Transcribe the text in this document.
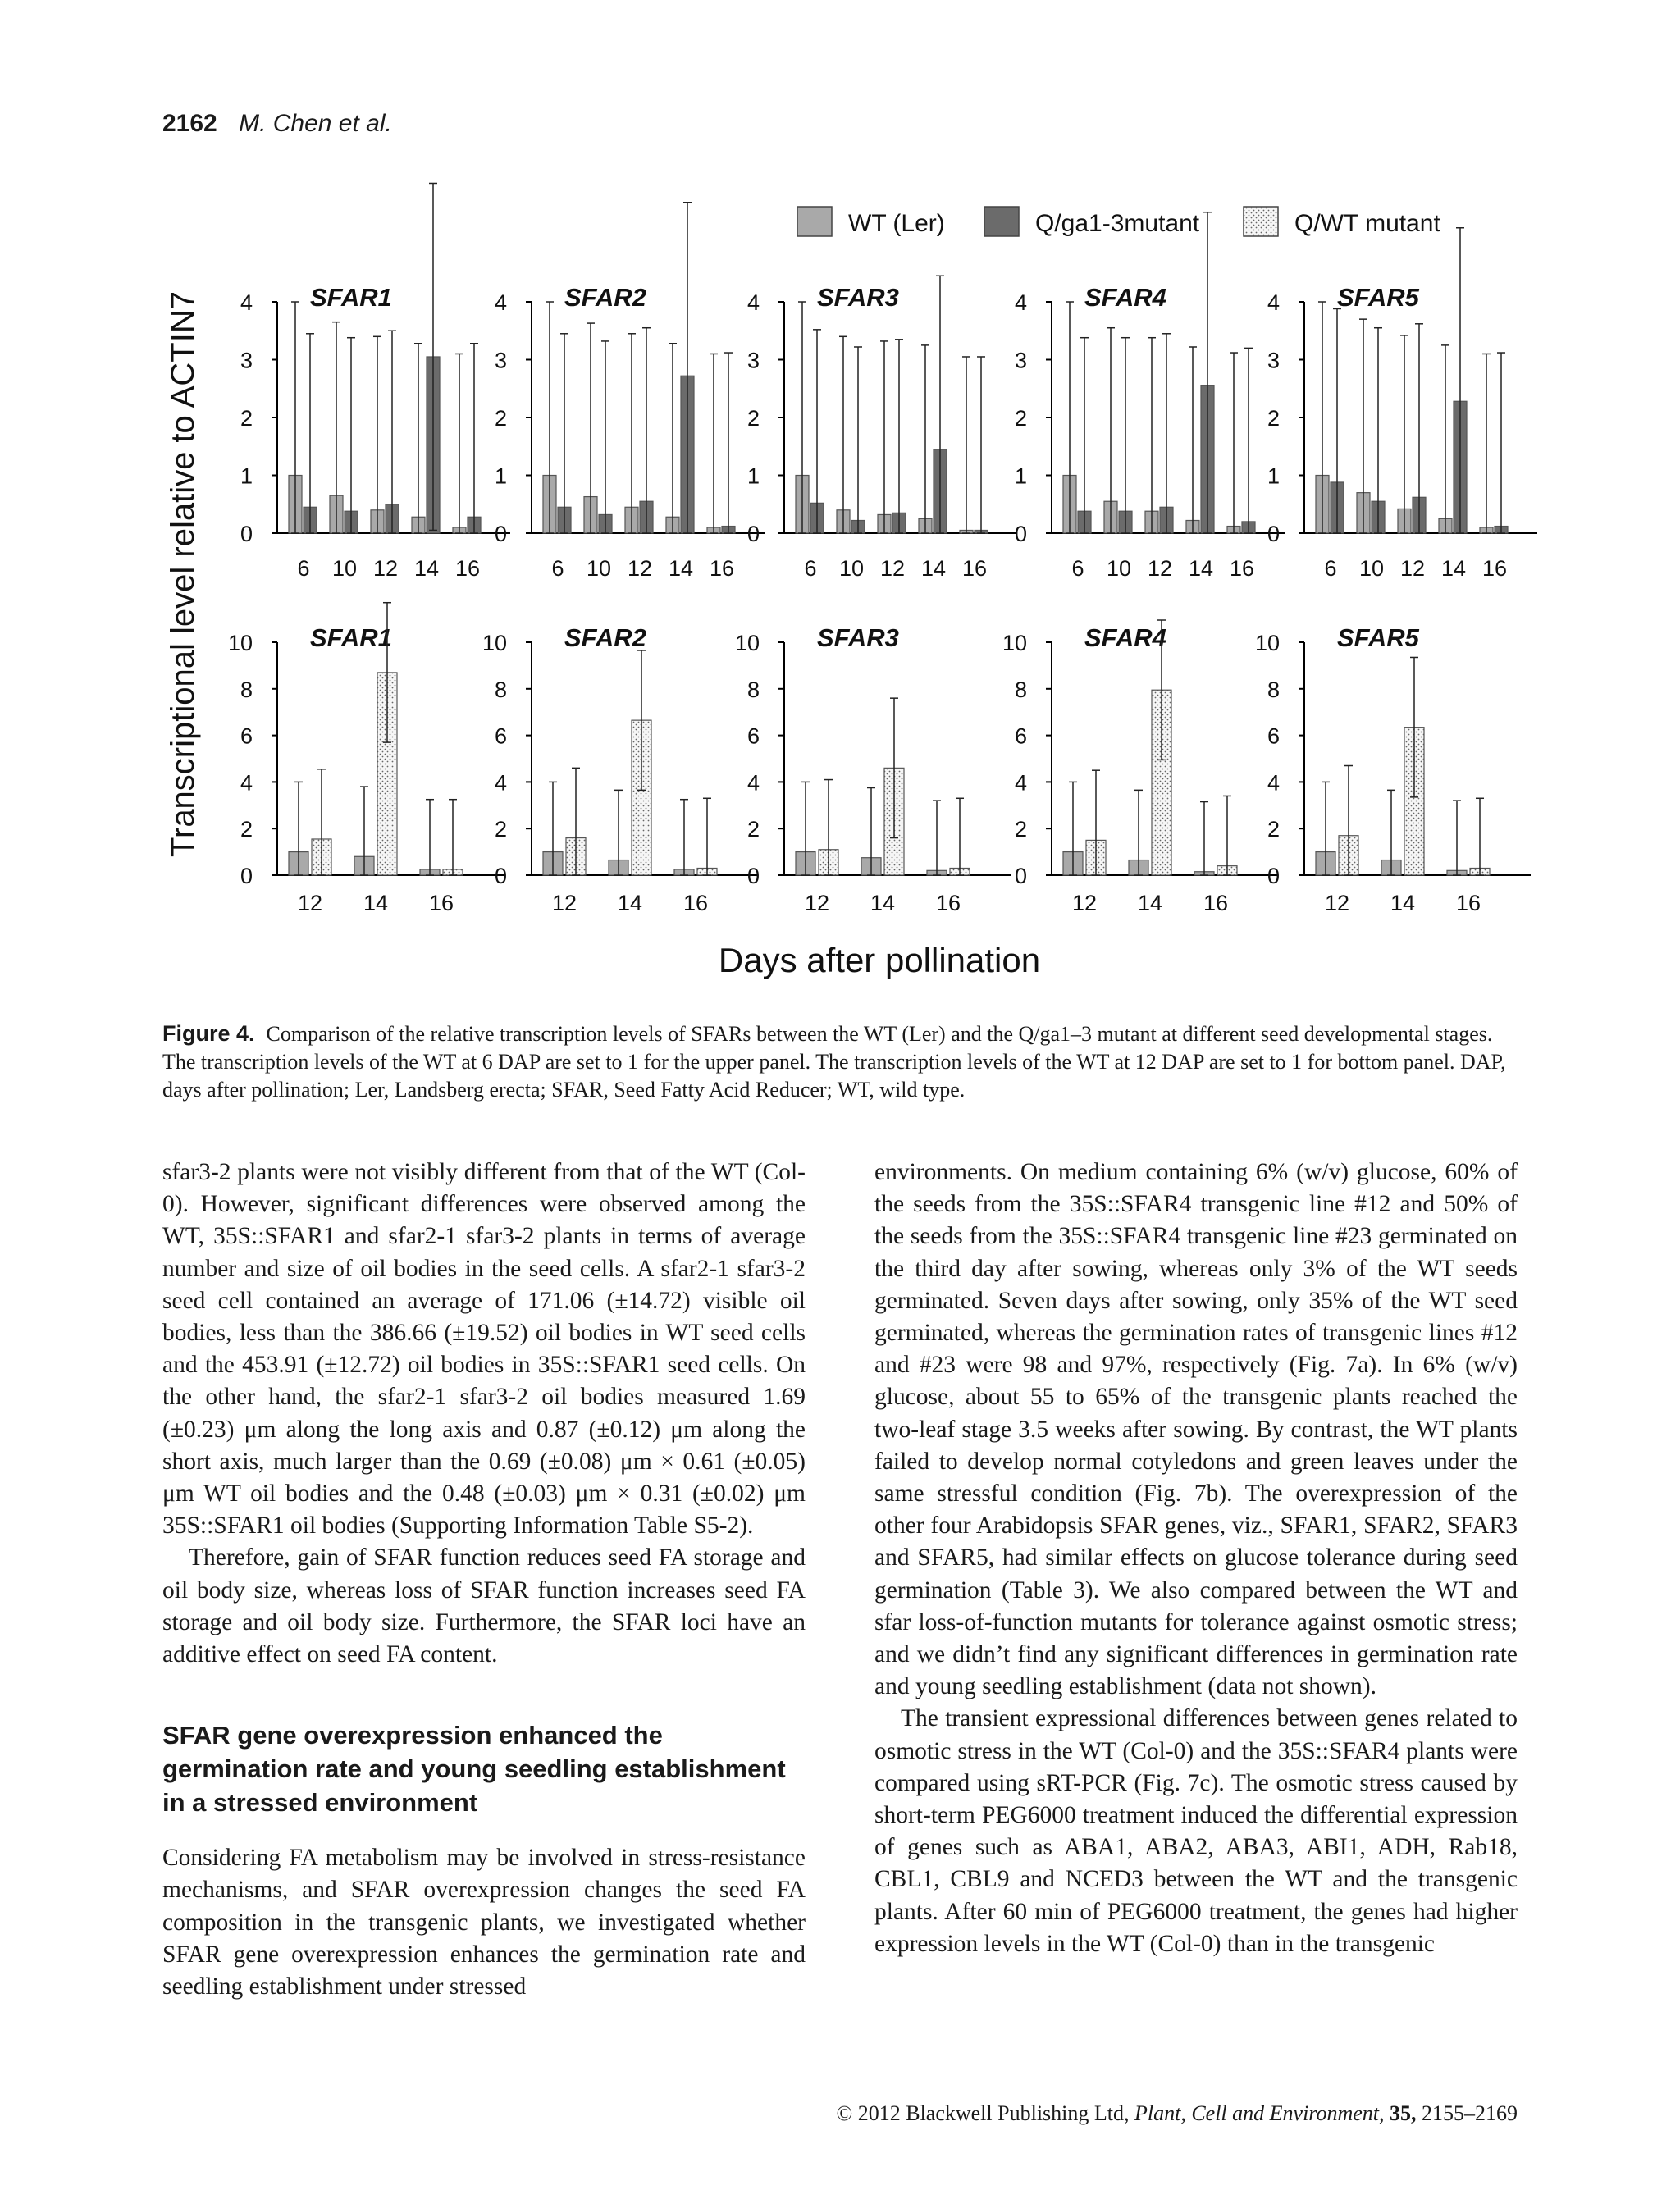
2162 M. Chen et al.
WT (Ler)	Q/ga1-3mutant	Q/WT mutant
0
1
2
3
4 SFAR1
6 10 12 14 16
0
1
2
3
4 SFAR2
6 10 12 14 16
0
1
2
3
4 SFAR3
6 10 12 14 16
0
1
2
3
4 SFAR4
6 10 12 14 16
0
1
2
3
4 SFAR5
6 10 12 14 16
0
2
4
6
8
10 SFAR1
12 14 16
0
2
4
6
8
10 SFAR2
12 14 16
0
2
4
6
8
10 SFAR3
12 14 16
0
2
4
6
8
10 SFAR4
12 14 16
0
2
4
6
8
10 SFAR5
12 14 16
Transcriptional level relative to ACTIN7
Days after pollination
Figure 4. Comparison of the relative transcription levels of SFARs between the WT (Ler) and the Q/ga1–3 mutant at different seed developmental stages. The transcription levels of the WT at 6 DAP are set to 1 for the upper panel. The transcription levels of the WT at 12 DAP are set to 1 for bottom panel. DAP, days after pollination; Ler, Landsberg erecta; SFAR, Seed Fatty Acid Reducer; WT, wild type.

sfar3-2 plants were not visibly different from that of the WT (Col-0). However, significant differences were observed among the WT, 35S::SFAR1 and sfar2-1 sfar3-2 plants in terms of average number and size of oil bodies in the seed cells. A sfar2-1 sfar3-2 seed cell contained an average of 171.06 (±14.72) visible oil bodies, less than the 386.66 (±19.52) oil bodies in WT seed cells and the 453.91 (±12.72) oil bodies in 35S::SFAR1 seed cells. On the other hand, the sfar2-1 sfar3-2 oil bodies measured 1.69 (±0.23) μm along the long axis and 0.87 (±0.12) μm along the short axis, much larger than the 0.69 (±0.08) μm × 0.61 (±0.05) μm WT oil bodies and the 0.48 (±0.03) μm × 0.31 (±0.02) μm 35S::SFAR1 oil bodies (Supporting Information Table S5-2).

Therefore, gain of SFAR function reduces seed FA storage and oil body size, whereas loss of SFAR function increases seed FA storage and oil body size. Furthermore, the SFAR loci have an additive effect on seed FA content.

SFAR gene overexpression enhanced the germination rate and young seedling establishment in a stressed environment

Considering FA metabolism may be involved in stress-resistance mechanisms, and SFAR overexpression changes the seed FA composition in the transgenic plants, we investigated whether SFAR gene overexpression enhances the germination rate and seedling establishment under stressed

environments. On medium containing 6% (w/v) glucose, 60% of the seeds from the 35S::SFAR4 transgenic line #12 and 50% of the seeds from the 35S::SFAR4 transgenic line #23 germinated on the third day after sowing, whereas only 3% of the WT seeds germinated. Seven days after sowing, only 35% of the WT seed germinated, whereas the germination rates of transgenic lines #12 and #23 were 98 and 97%, respectively (Fig. 7a). In 6% (w/v) glucose, about 55 to 65% of the transgenic plants reached the two-leaf stage 3.5 weeks after sowing. By contrast, the WT plants failed to develop normal cotyledons and green leaves under the same stressful condition (Fig. 7b). The overexpression of the other four Arabidopsis SFAR genes, viz., SFAR1, SFAR2, SFAR3 and SFAR5, had similar effects on glucose tolerance during seed germination (Table 3). We also compared between the WT and sfar loss-of-function mutants for tolerance against osmotic stress; and we didn’t find any significant differences in germination rate and young seedling establishment (data not shown).

The transient expressional differences between genes related to osmotic stress in the WT (Col-0) and the 35S::SFAR4 plants were compared using sRT-PCR (Fig. 7c). The osmotic stress caused by short-term PEG6000 treatment induced the differential expression of genes such as ABA1, ABA2, ABA3, ABI1, ADH, Rab18, CBL1, CBL9 and NCED3 between the WT and the transgenic plants. After 60 min of PEG6000 treatment, the genes had higher expression levels in the WT (Col-0) than in the transgenic

© 2012 Blackwell Publishing Ltd, Plant, Cell and Environment, 35, 2155–2169
